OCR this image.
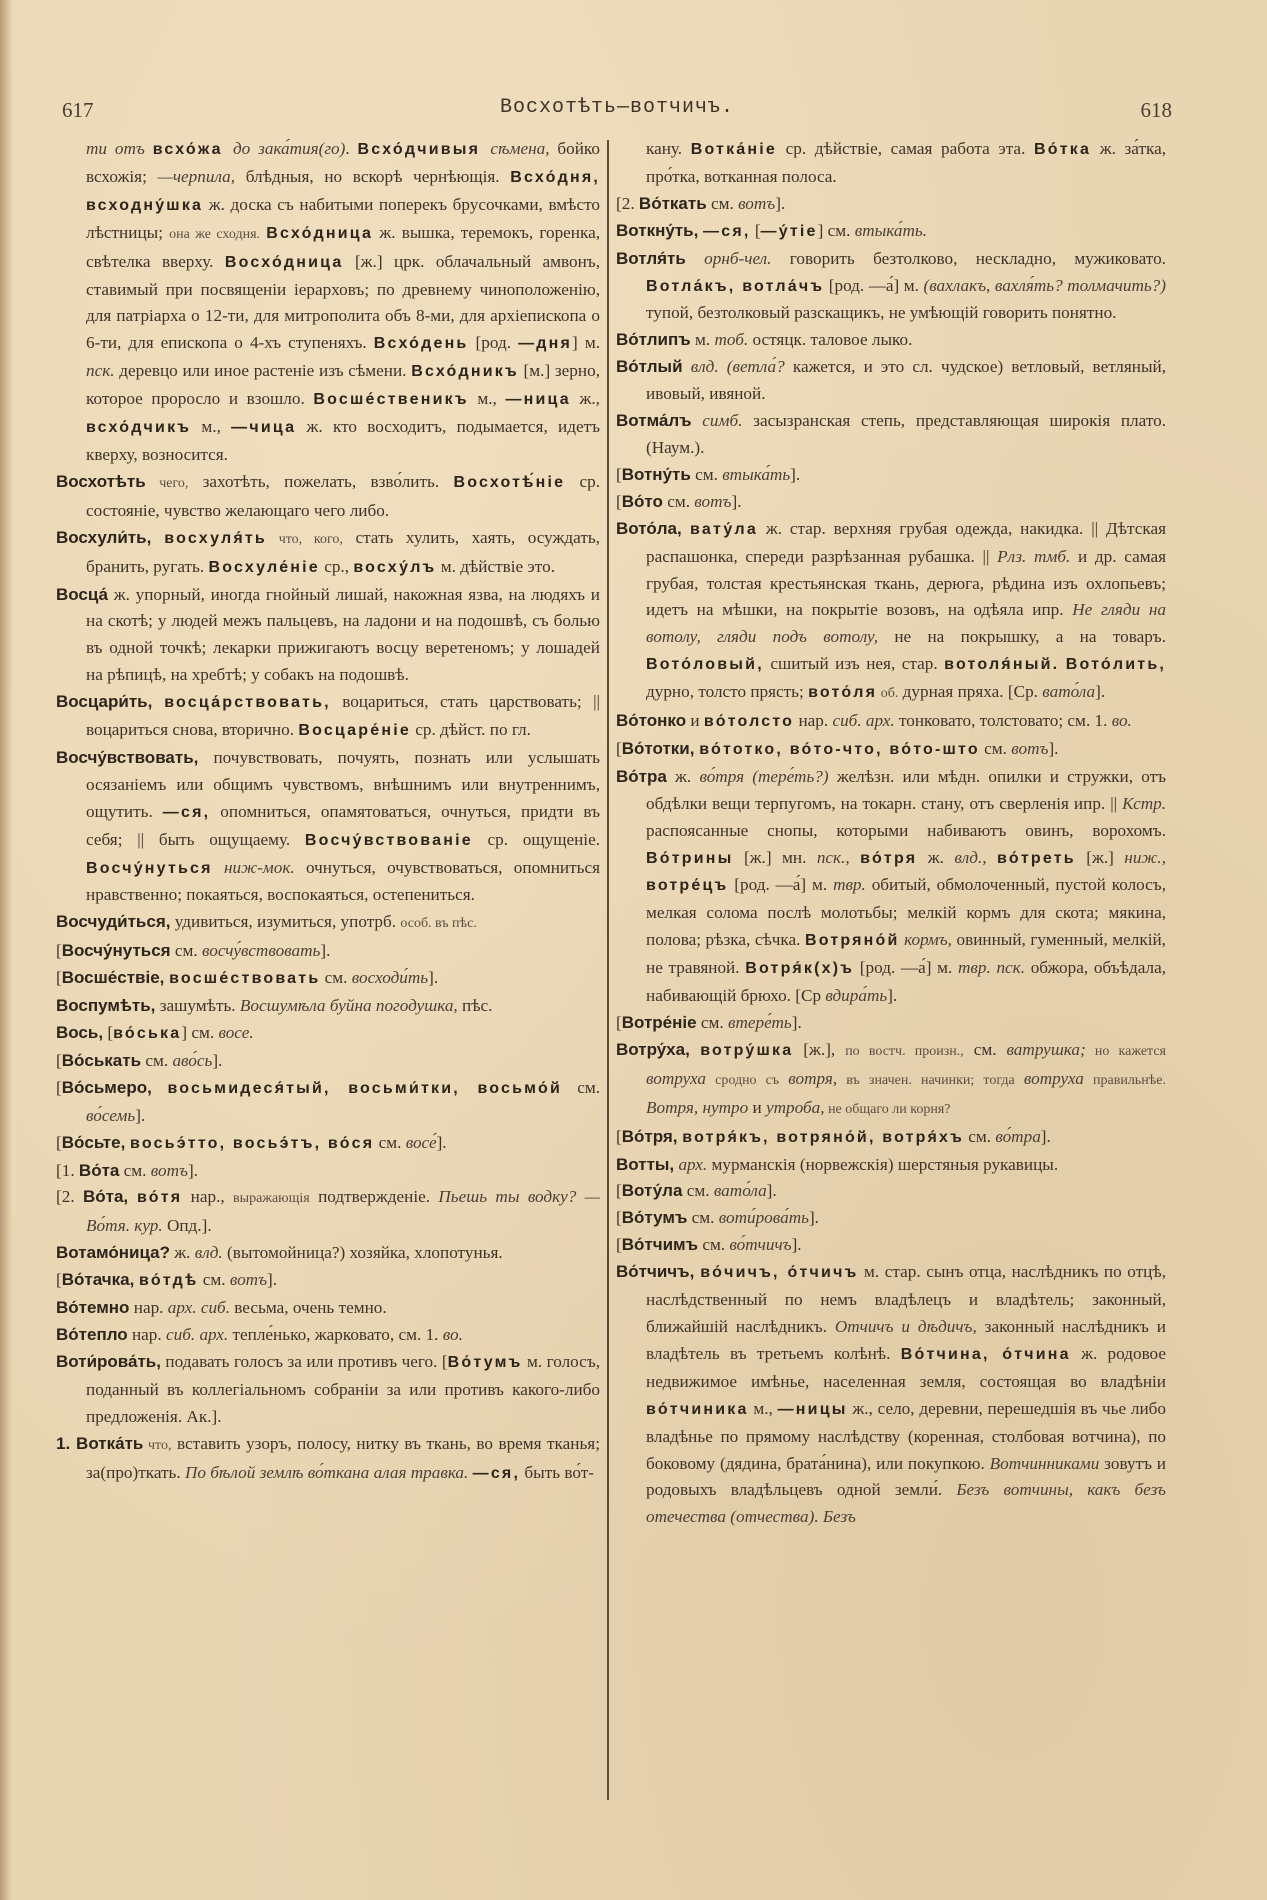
617	Восхотѣть—вотчичъ.	618

ти отъ всхо́жа до зака́тия(го). Всхо́дчивыя сѣмена, бойко всхожія; —черпила, блѣдныя, но вскорѣ чернѣющія. Всхо́дня, всходну́шка ж. доска съ набитыми поперекъ брусочками, вмѣсто лѣстницы; она же сходня. Всхо́дница ж. вышка, теремокъ, горенка, свѣтелка вверху. Восхо́дница [ж.] црк. облачальный амвонъ, ставимый при посвященіи іерарховъ; по древнему чиноположенію, для патріарха о 12-ти, для митрополита объ 8-ми, для архіепископа о 6-ти, для епископа о 4-хъ ступеняхъ. Всхо́день [род. —дня] м. пск. деревцо или иное растеніе изъ сѣмени. Всхо́дникъ [м.] зерно, которое проросло и взошло. Восше́ственикъ м., —ница ж., всхо́дчикъ м., —чица ж. кто восходитъ, подымается, идетъ кверху, возносится.

Восхотѣть чего, захотѣть, пожелать, взво́лить. Восхотѣ́ніе ср. состояніе, чувство желающаго чего либо.

Восхули́ть, восхуля́ть что, кого, стать хулить, хаять, осуждать, бранить, ругать. Восхуле́ніе ср., восху́лъ м. дѣйствіе это.

Восца́ ж. упорный, иногда гнойный лишай, накожная язва, на людяхъ и на скотѣ; у людей межъ пальцевъ, на ладони и на подошвѣ, съ болью въ одной точкѣ; лекарки прижигаютъ восцу веретеномъ; у лошадей на рѣпицѣ, на хребтѣ; у собакъ на подошвѣ.

Восцари́ть, восца́рствовать, воцариться, стать царствовать; || воцариться снова, вторично. Восцаре́ніе ср. дѣйст. по гл.

Восчу́вствовать, почувствовать, почуять, познать или услышать осязаніемъ или общимъ чувствомъ, внѣшнимъ или внутреннимъ, ощутить. —ся, опомниться, опамятоваться, очнуться, придти въ себя; || быть ощущаему. Восчу́вствованіе ср. ощущеніе. Восчу́нуться ниж-мок. очнуться, очувствоваться, опомниться нравственно; покаяться, воспокаяться, остепениться.

Восчуди́ться, удивиться, изумиться, употрб. особ. въ пѣс.

[Восчу́нуться см. восчу́вствовать].

[Восше́ствіе, восше́ствовать см. восходи́ть].

Воспумѣть, зашумѣть. Восшумѣла буйна погодушка, пѣс.

Вось, [во́ська] см. восе.

[Во́ськать см. аво́сь].

[Во́сьмеро, восьмидеся́тый, восьми́тки, восьмо́й см. во́семь].

[Во́сьте, восьэ́тто, восьэ́тъ, во́ся см. восе́].

[1. Во́та см. вотъ].

[2. Во́та, во́тя нар., выражающія подтвержденіе. Пьешь ты водку? — Во́тя. кур. Опд.].

Вотамо́ница? ж. влд. (вытомойница?) хозяйка, хлопотунья.

[Во́тачка, во́тдѣ см. вотъ].

Во́темно нар. арх. сиб. весьма, очень темно.

Во́тепло нар. сиб. арх. тепле́нько, жарковато, см. 1. во.

Воти́рова́ть, подавать голосъ за или противъ чего. [Во́тумъ м. голосъ, поданный въ коллегіальномъ собраніи за или противъ какого-либо предложенія. Ак.].

1. Вотка́ть что, вставить узоръ, полосу, нитку въ ткань, во время тканья; за(про)ткать. По бѣлой землѣ во́ткана алая травка. —ся, быть во́т-

кану. Вотка́ніе ср. дѣйствіе, самая работа эта. Во́тка ж. за́тка, про́тка, вотканная полоса.

[2. Во́ткать см. вотъ].

Воткну́ть, —ся, [—у́тіе] см. втыка́ть.

Вотля́ть орнб-чел. говорить безтолково, нескладно, мужиковато. Вотла́къ, вотла́чъ [род. —а́] м. (вахлакъ, вахля́ть? толмачить?) тупой, безтолковый разскащикъ, не умѣющій говорить понятно.

Во́тлипъ м. тоб. остяцк. таловое лыко.

Во́тлый влд. (ветла́? кажется, и это сл. чудское) ветловый, ветляный, ивовый, ивяной.

Вотма́лъ симб. засызранская степь, представляющая широкія плато. (Наум.).

[Вотну́ть см. втыка́ть].

[Во́то см. вотъ].

Вото́ла, вату́ла ж. стар. верхняя грубая одежда, накидка. || Дѣтская распашонка, спереди разрѣзанная рубашка. || Рлз. тмб. и др. самая грубая, толстая крестьянская ткань, дерюга, рѣдина изъ охлопьевъ; идетъ на мѣшки, на покрытіе возовъ, на одѣяла ипр. Не гляди на вотолу, гляди подъ вотолу, не на покрышку, а на товаръ. Вото́ловый, сшитый изъ нея, стар. вотоля́ный. Вото́лить, дурно, толсто прясть; вото́ля об. дурная пряха. [Ср. вато́ла].

Во́тонко и во́толсто нар. сиб. арх. тонковато, толстовато; см. 1. во.

[Во́тотки, во́тотко, во́то-что, во́то-што см. вотъ].

Во́тра ж. во́тря (тере́ть?) желѣзн. или мѣдн. опилки и стружки, отъ обдѣлки вещи терпугомъ, на токарн. стану, отъ сверленія ипр. || Кстр. распоясанные снопы, которыми набиваютъ овинъ, ворохомъ. Во́трины [ж.] мн. пск., во́тря ж. влд., во́треть [ж.] ниж., вотре́цъ [род. —а́] м. твр. обитый, обмолоченный, пустой колосъ, мелкая солома послѣ молотьбы; мелкій кормъ для скота; мякина, полова; рѣзка, сѣчка. Вотряно́й кормъ, овинный, гуменный, мелкій, не травяной. Вотря́к(х)ъ [род. —а́] м. твр. пск. обжора, объѣдала, набивающій брюхо. [Ср вдира́ть].

[Вотре́ніе см. втере́ть].

Вотру́ха, вотру́шка [ж.], по востч. произн., см. ватрушка; но кажется вотруха сродно съ вотря, въ значен. начинки; тогда вотруха правильнѣе. Вотря, нутро и утроба, не общаго ли корня?

[Во́тря, вотря́къ, вотряно́й, вотря́хъ см. во́тра].

Вотты, арх. мурманскія (норвежскія) шерстяныя рукавицы.

[Воту́ла см. вато́ла].

[Во́тумъ см. воти́рова́ть].

[Во́тчимъ см. во́тчичъ].

Во́тчичъ, во́чичъ, о́тчичъ м. стар. сынъ отца, наслѣдникъ по отцѣ, наслѣдственный по немъ владѣлецъ и владѣтель; законный, ближайшій наслѣдникъ. Отчичъ и дѣдичъ, законный наслѣдникъ и владѣтель въ третьемъ колѣнѣ. Во́тчина, о́тчина ж. родовое недвижимое имѣнье, населенная земля, состоящая во владѣніи во́тчиника м., —ницы ж., село, деревни, перешедшія въ чье либо владѣнье по прямому наслѣдству (коренная, столбовая вотчина), по боковому (дядина, брата́нина), или покупкою. Вотчинниками зовутъ и родовыхъ владѣльцевъ одной земли́. Безъ вотчины, какъ безъ отечества (отчества). Безъ
